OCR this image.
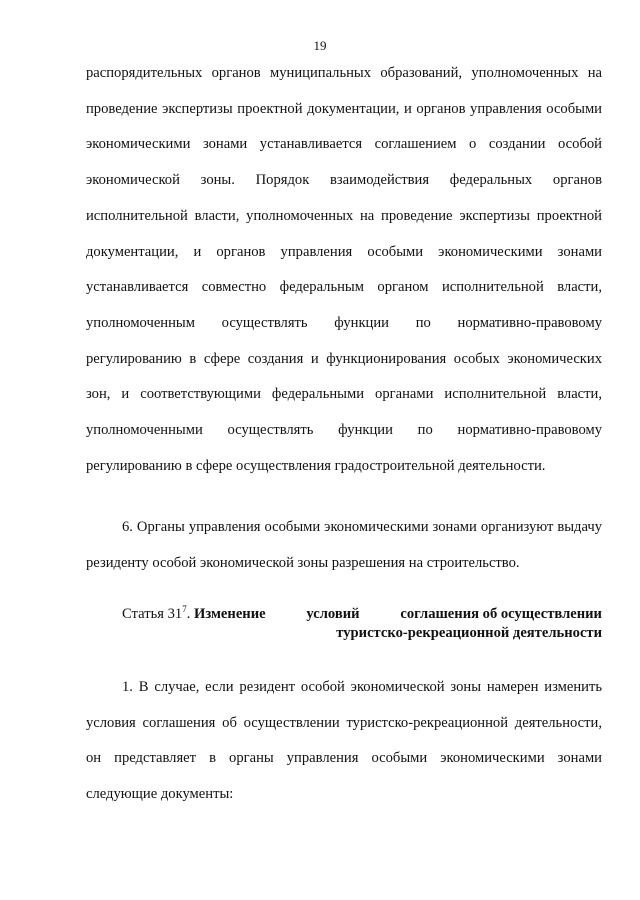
19

распорядительных органов муниципальных образований, уполномоченных на проведение экспертизы проектной документации, и органов управления особыми экономическими зонами устанавливается соглашением о создании особой экономической зоны. Порядок взаимодействия федеральных органов исполнительной власти, уполномоченных на проведение экспертизы проектной документации, и органов управления особыми экономическими зонами устанавливается совместно федеральным органом исполнительной власти, уполномоченным осуществлять функции по нормативно-правовому регулированию в сфере создания и функционирования особых экономических зон, и соответствующими федеральными органами исполнительной власти, уполномоченными осуществлять функции по нормативно-правовому регулированию в сфере осуществления градостроительной деятельности.

6. Органы управления особыми экономическими зонами организуют выдачу резиденту особой экономической зоны разрешения на строительство.

Статья $31^7$. Изменение	условий	соглашения об осуществлении
туристско-рекреационной деятельности

1. В случае, если резидент особой экономической зоны намерен изменить условия соглашения об осуществлении туристско-рекреационной деятельности, он представляет в органы управления особыми экономическими зонами следующие документы:
